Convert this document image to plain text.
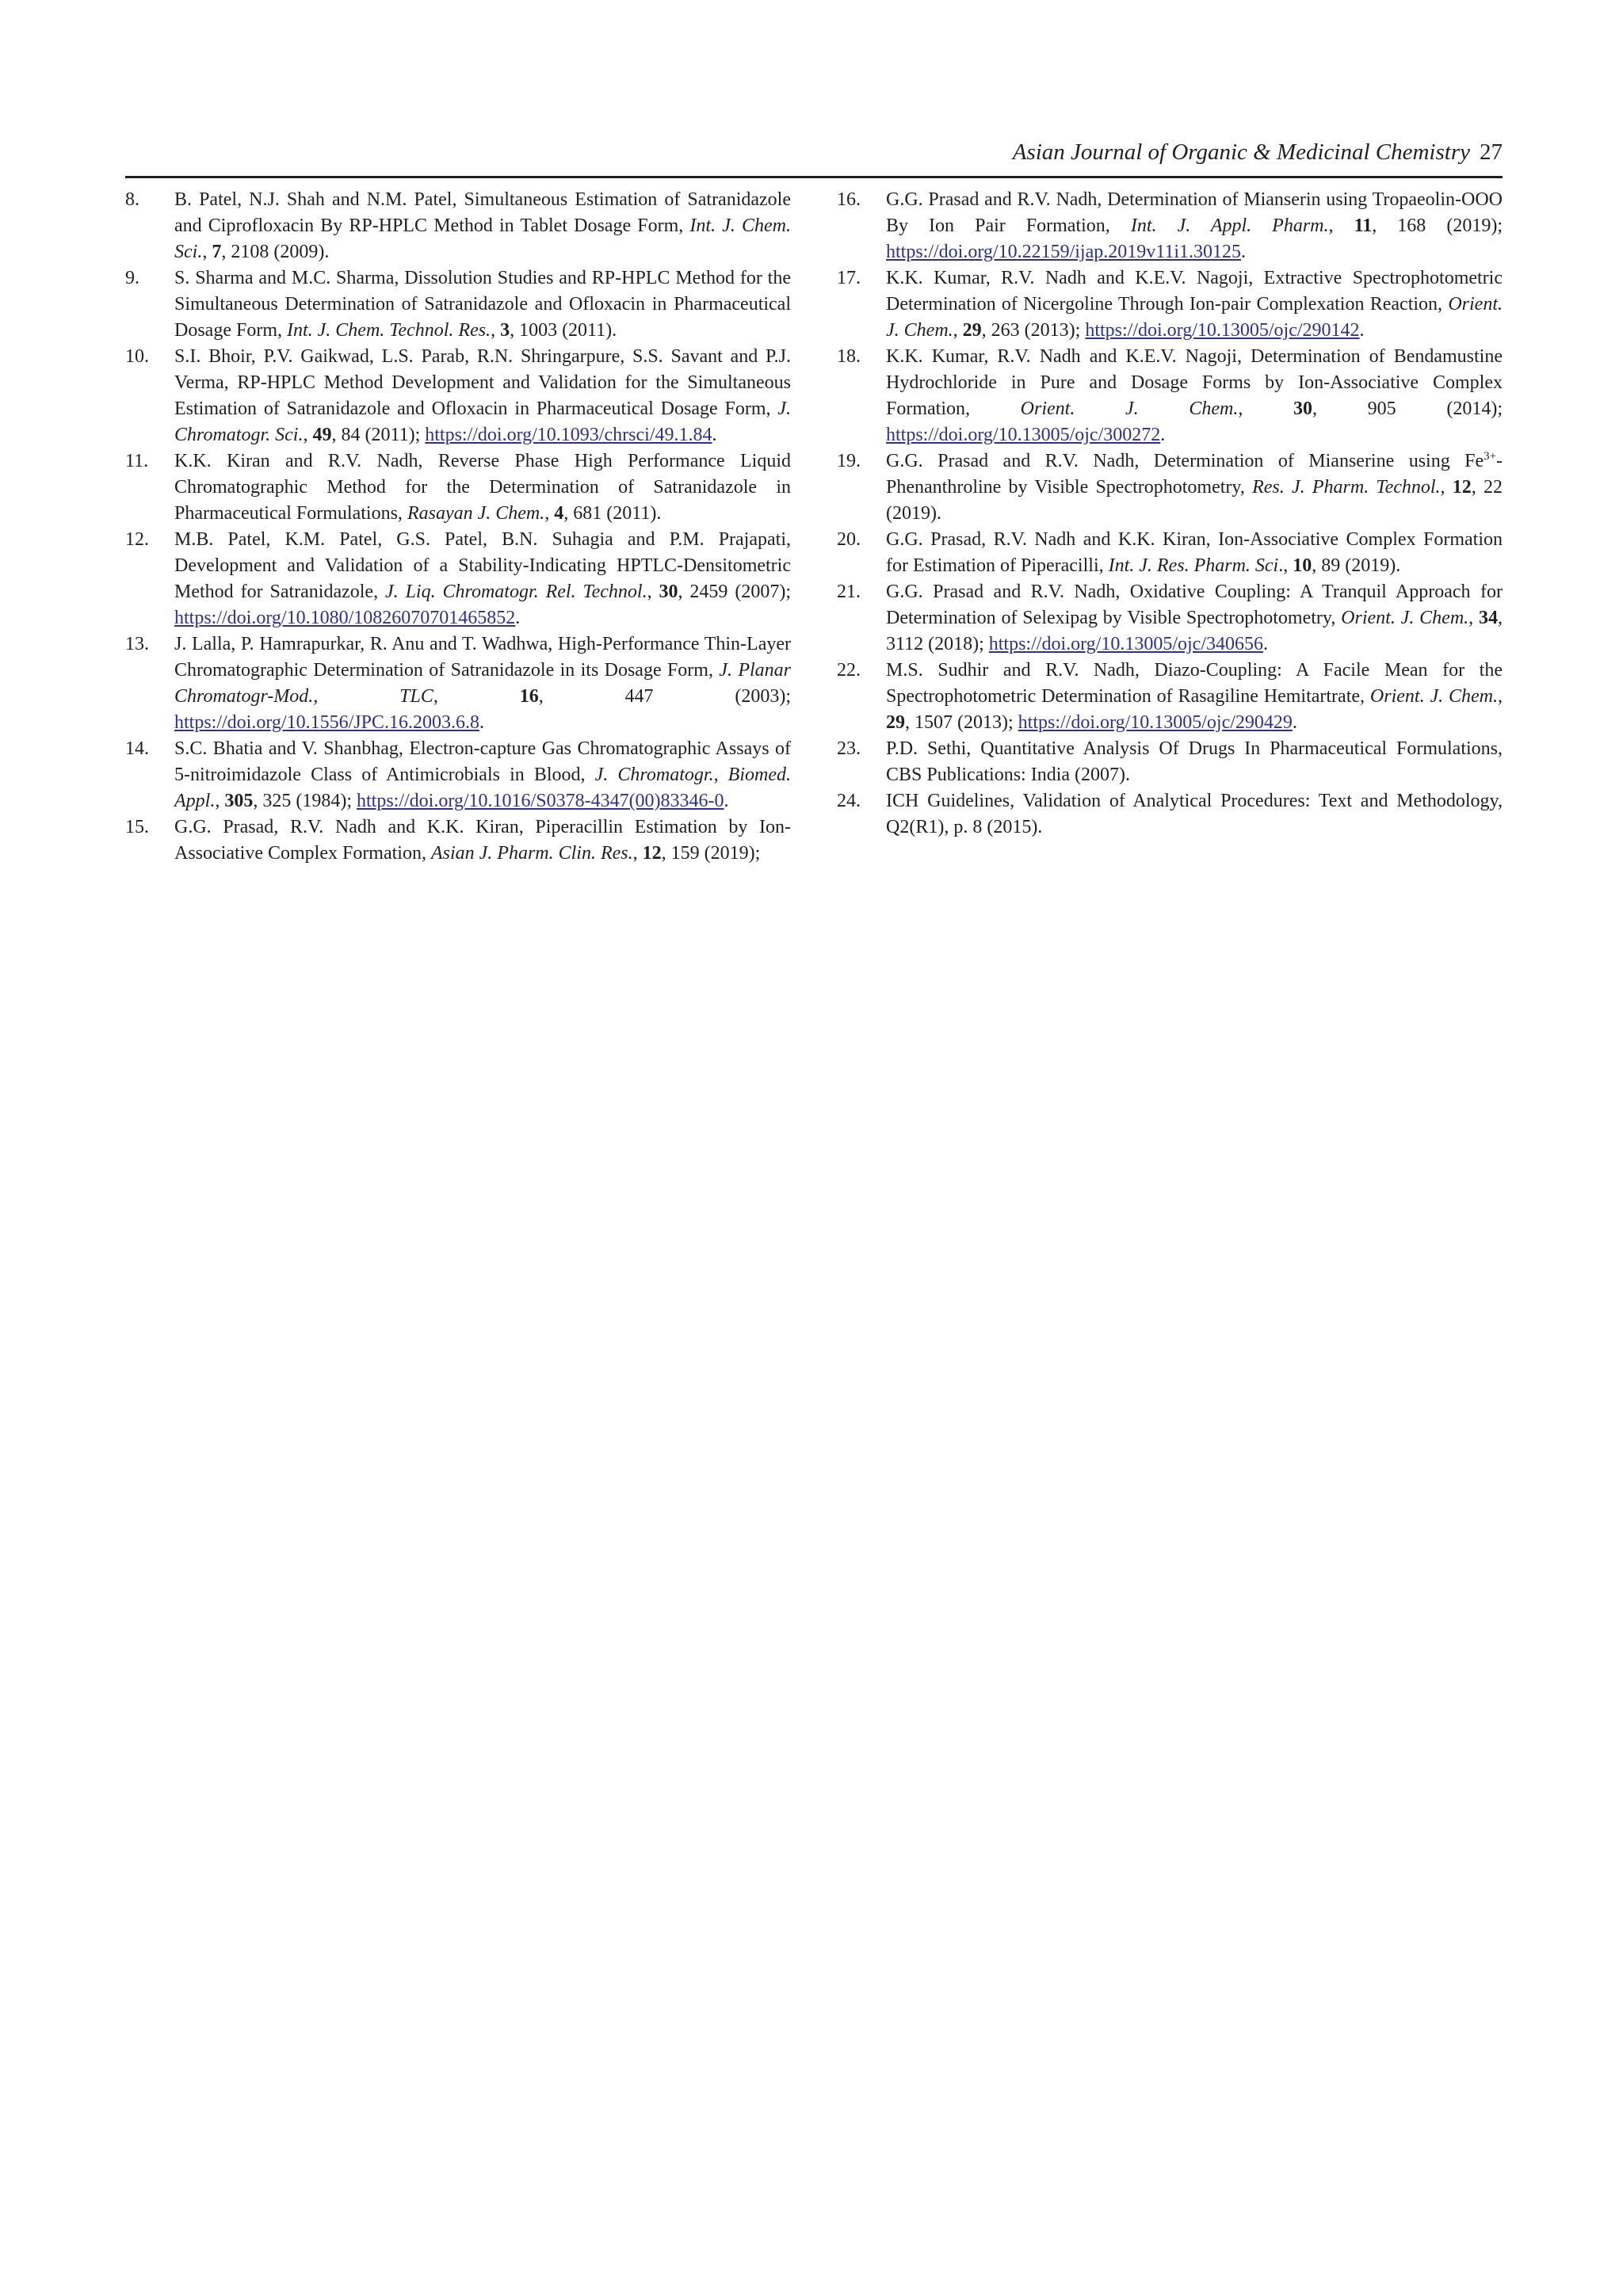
Asian Journal of Organic & Medicinal Chemistry 27
8. B. Patel, N.J. Shah and N.M. Patel, Simultaneous Estimation of Satranidazole and Ciprofloxacin By RP-HPLC Method in Tablet Dosage Form, Int. J. Chem. Sci., 7, 2108 (2009).
9. S. Sharma and M.C. Sharma, Dissolution Studies and RP-HPLC Method for the Simultaneous Determination of Satranidazole and Ofloxacin in Pharmaceutical Dosage Form, Int. J. Chem. Technol. Res., 3, 1003 (2011).
10. S.I. Bhoir, P.V. Gaikwad, L.S. Parab, R.N. Shringarpure, S.S. Savant and P.J. Verma, RP-HPLC Method Development and Validation for the Simultaneous Estimation of Satranidazole and Ofloxacin in Pharmaceutical Dosage Form, J. Chromatogr. Sci., 49, 84 (2011); https://doi.org/10.1093/chrsci/49.1.84.
11. K.K. Kiran and R.V. Nadh, Reverse Phase High Performance Liquid Chromatographic Method for the Determination of Satranidazole in Pharmaceutical Formulations, Rasayan J. Chem., 4, 681 (2011).
12. M.B. Patel, K.M. Patel, G.S. Patel, B.N. Suhagia and P.M. Prajapati, Development and Validation of a Stability-Indicating HPTLC-Densitometric Method for Satranidazole, J. Liq. Chromatogr. Rel. Technol., 30, 2459 (2007); https://doi.org/10.1080/10826070701465852.
13. J. Lalla, P. Hamrapurkar, R. Anu and T. Wadhwa, High-Performance Thin-Layer Chromatographic Determination of Satranidazole in its Dosage Form, J. Planar Chromatogr-Mod., TLC, 16, 447 (2003); https://doi.org/10.1556/JPC.16.2003.6.8.
14. S.C. Bhatia and V. Shanbhag, Electron-capture Gas Chromatographic Assays of 5-nitroimidazole Class of Antimicrobials in Blood, J. Chromatogr., Biomed. Appl., 305, 325 (1984); https://doi.org/10.1016/S0378-4347(00)83346-0.
15. G.G. Prasad, R.V. Nadh and K.K. Kiran, Piperacillin Estimation by Ion-Associative Complex Formation, Asian J. Pharm. Clin. Res., 12, 159 (2019);
16. G.G. Prasad and R.V. Nadh, Determination of Mianserin using Tropaeolin-OOO By Ion Pair Formation, Int. J. Appl. Pharm., 11, 168 (2019); https://doi.org/10.22159/ijap.2019v11i1.30125.
17. K.K. Kumar, R.V. Nadh and K.E.V. Nagoji, Extractive Spectrophotometric Determination of Nicergoline Through Ion-pair Complexation Reaction, Orient. J. Chem., 29, 263 (2013); https://doi.org/10.13005/ojc/290142.
18. K.K. Kumar, R.V. Nadh and K.E.V. Nagoji, Determination of Bendamustine Hydrochloride in Pure and Dosage Forms by Ion-Associative Complex Formation, Orient. J. Chem., 30, 905 (2014); https://doi.org/10.13005/ojc/300272.
19. G.G. Prasad and R.V. Nadh, Determination of Mianserine using $Fe^{3+}$-Phenanthroline by Visible Spectrophotometry, Res. J. Pharm. Technol., 12, 22 (2019).
20. G.G. Prasad, R.V. Nadh and K.K. Kiran, Ion-Associative Complex Formation for Estimation of Piperacilli, Int. J. Res. Pharm. Sci., 10, 89 (2019).
21. G.G. Prasad and R.V. Nadh, Oxidative Coupling: A Tranquil Approach for Determination of Selexipag by Visible Spectrophotometry, Orient. J. Chem., 34, 3112 (2018); https://doi.org/10.13005/ojc/340656.
22. M.S. Sudhir and R.V. Nadh, Diazo-Coupling: A Facile Mean for the Spectrophotometric Determination of Rasagiline Hemitartrate, Orient. J. Chem., 29, 1507 (2013); https://doi.org/10.13005/ojc/290429.
23. P.D. Sethi, Quantitative Analysis Of Drugs In Pharmaceutical Formulations, CBS Publications: India (2007).
24. ICH Guidelines, Validation of Analytical Procedures: Text and Methodology, Q2(R1), p. 8 (2015).
